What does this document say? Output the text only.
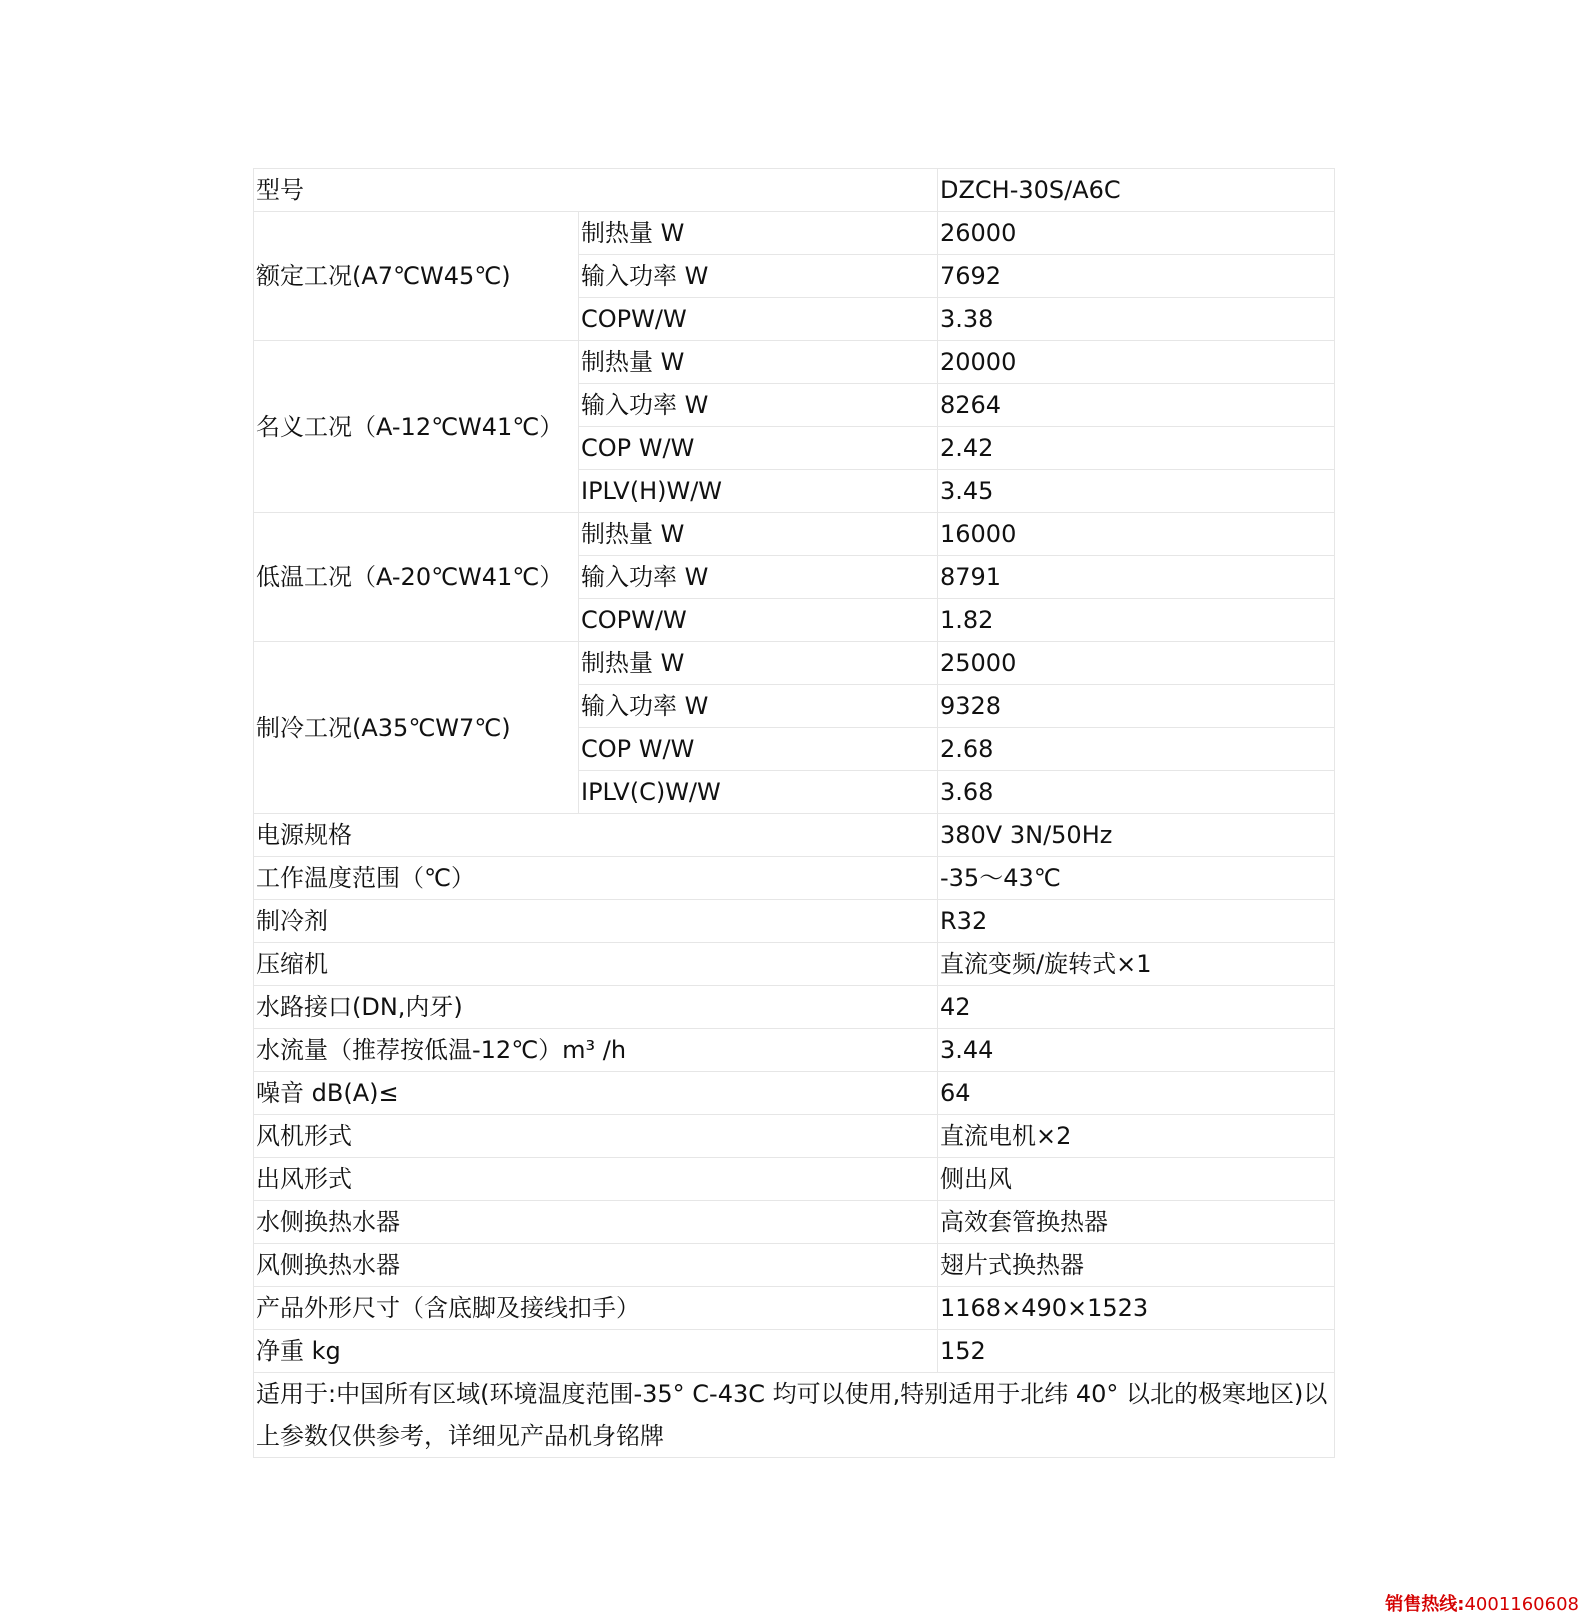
型号		DZCH-30S/A6C
额定工况(A7℃W45℃)	制热量 W	26000
	输入功率 W	7692
	COPW/W	3.38
名义工况（A-12℃W41℃）	制热量 W	20000
	输入功率 W	8264
	COP W/W	2.42
	IPLV(H)W/W	3.45
低温工况（A-20℃W41℃）	制热量 W	16000
	输入功率 W	8791
	COPW/W	1.82
制冷工况(A35℃W7℃)	制热量 W	25000
	输入功率 W	9328
	COP W/W	2.68
	IPLV(C)W/W	3.68
电源规格		380V 3N/50Hz
工作温度范围（℃）		-35～43℃
制冷剂		R32
压缩机		直流变频/旋转式×1
水路接口(DN,内牙)		42
水流量（推荐按低温-12℃）m³ /h		3.44
噪音 dB(A)≤		64
风机形式		直流电机×2
出风形式		侧出风
水侧换热水器		高效套管换热器
风侧换热水器		翅片式换热器
产品外形尺寸（含底脚及接线扣手）		1168×490×1523
净重 kg		152
适用于:中国所有区域(环境温度范围-35° C-43C 均可以使用,特别适用于北纬 40° 以北的极寒地区)以上参数仅供参考，详细见产品机身铭牌		
销售热线:4001160608
